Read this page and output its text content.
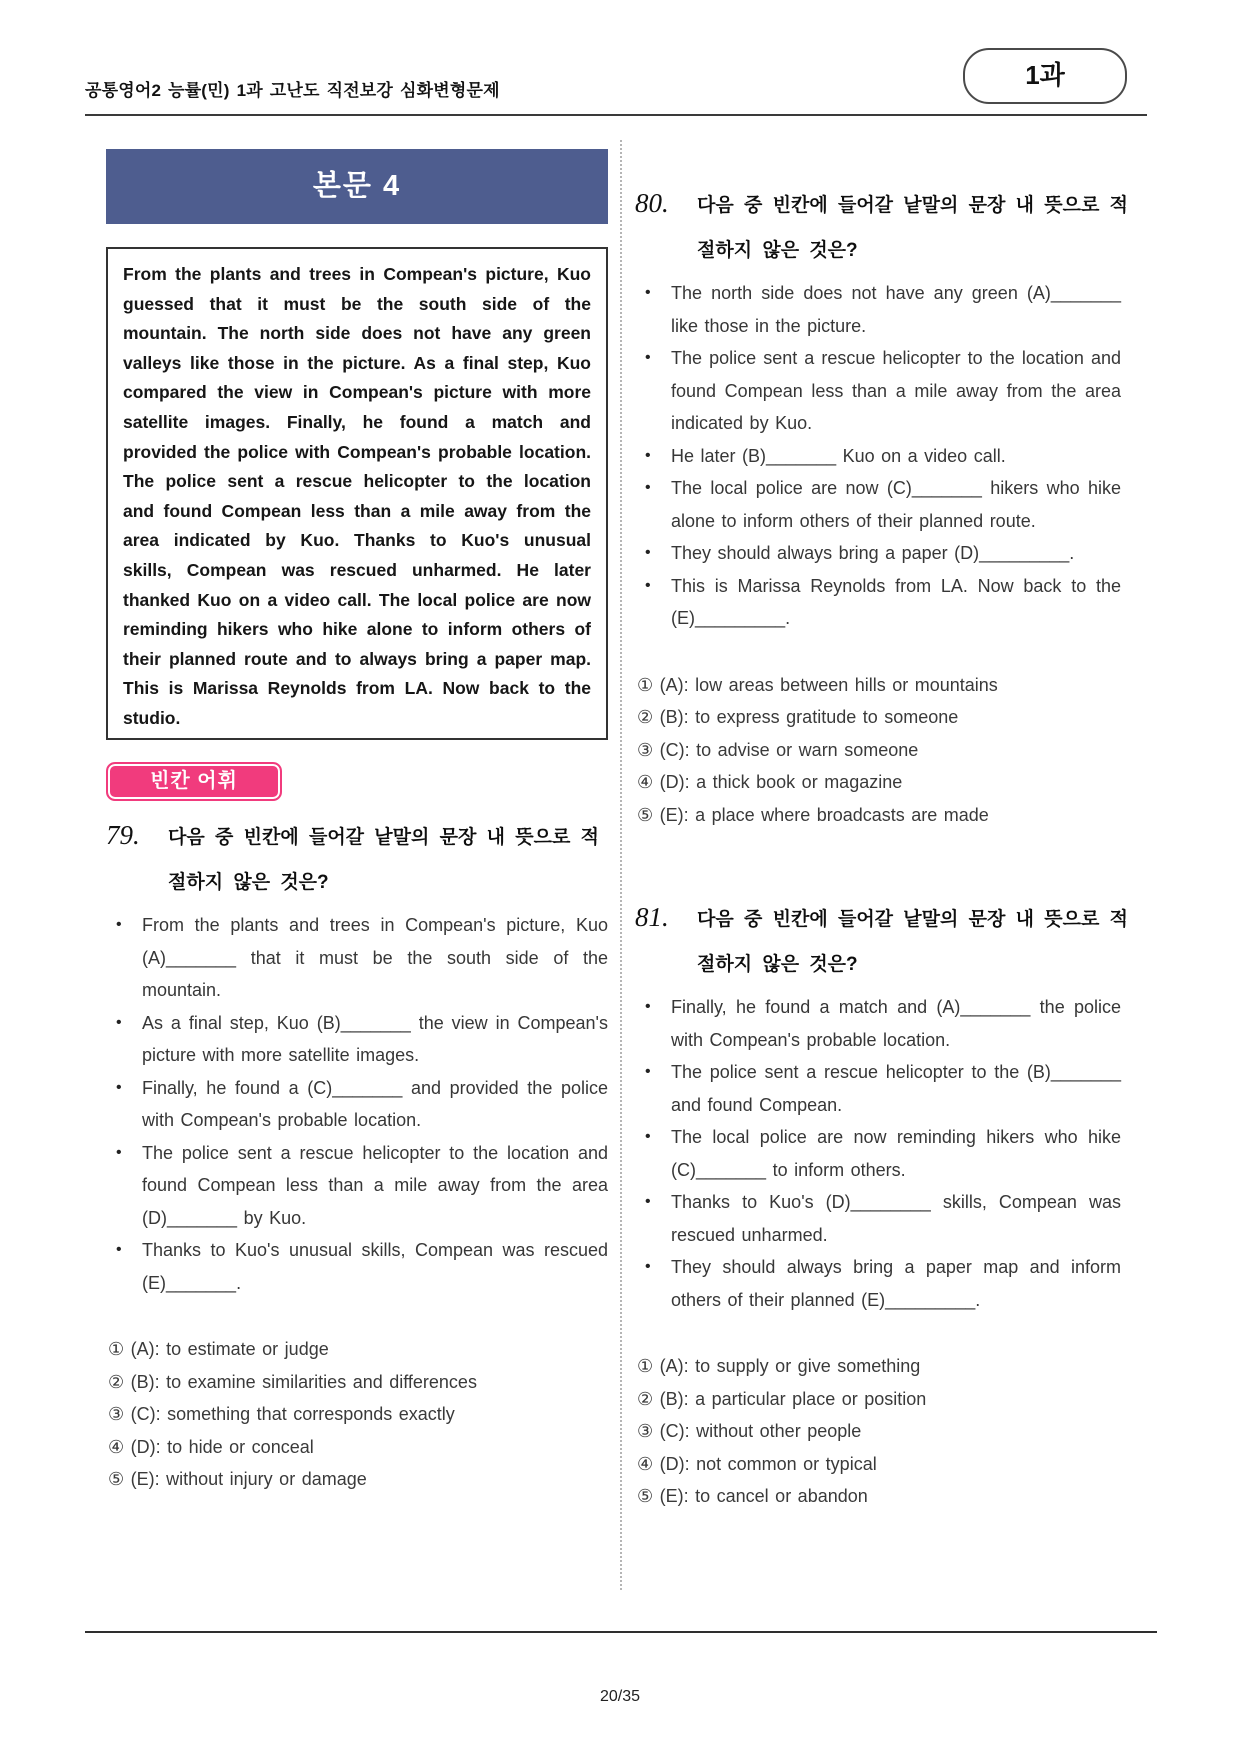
공통영어2 능률(민) 1과 고난도 직전보강 심화변형문제
1과
본문 4
From the plants and trees in Compean's picture, Kuo guessed that it must be the south side of the mountain. The north side does not have any green valleys like those in the picture. As a final step, Kuo compared the view in Compean's picture with more satellite images. Finally, he found a match and provided the police with Compean's probable location. The police sent a rescue helicopter to the location and found Compean less than a mile away from the area indicated by Kuo. Thanks to Kuo's unusual skills, Compean was rescued unharmed. He later thanked Kuo on a video call. The local police are now reminding hikers who hike alone to inform others of their planned route and to always bring a paper map. This is Marissa Reynolds from LA. Now back to the studio.
빈칸 어휘
79. 다음 중 빈칸에 들어갈 낱말의 문장 내 뜻으로 적
절하지 않은 것은?
• From the plants and trees in Compean's picture, Kuo (A)_______ that it must be the south side of the mountain.
• As a final step, Kuo (B)_______ the view in Compean's picture with more satellite images.
• Finally, he found a (C)_______ and provided the police with Compean's probable location.
• The police sent a rescue helicopter to the location and found Compean less than a mile away from the area (D)_______ by Kuo.
• Thanks to Kuo's unusual skills, Compean was rescued (E)_______.
① (A): to estimate or judge
② (B): to examine similarities and differences
③ (C): something that corresponds exactly
④ (D): to hide or conceal
⑤ (E): without injury or damage
80. 다음 중 빈칸에 들어갈 낱말의 문장 내 뜻으로 적
절하지 않은 것은?
• The north side does not have any green (A)_______ like those in the picture.
• The police sent a rescue helicopter to the location and found Compean less than a mile away from the area indicated by Kuo.
• He later (B)_______ Kuo on a video call.
• The local police are now (C)_______ hikers who hike alone to inform others of their planned route.
• They should always bring a paper (D)_________.
• This is Marissa Reynolds from LA. Now back to the (E)_________.
① (A): low areas between hills or mountains
② (B): to express gratitude to someone
③ (C): to advise or warn someone
④ (D): a thick book or magazine
⑤ (E): a place where broadcasts are made
81. 다음 중 빈칸에 들어갈 낱말의 문장 내 뜻으로 적
절하지 않은 것은?
• Finally, he found a match and (A)_______ the police with Compean's probable location.
• The police sent a rescue helicopter to the (B)_______ and found Compean.
• The local police are now reminding hikers who hike (C)_______ to inform others.
• Thanks to Kuo's (D)________ skills, Compean was rescued unharmed.
• They should always bring a paper map and inform others of their planned (E)_________.
① (A): to supply or give something
② (B): a particular place or position
③ (C): without other people
④ (D): not common or typical
⑤ (E): to cancel or abandon
20/35
